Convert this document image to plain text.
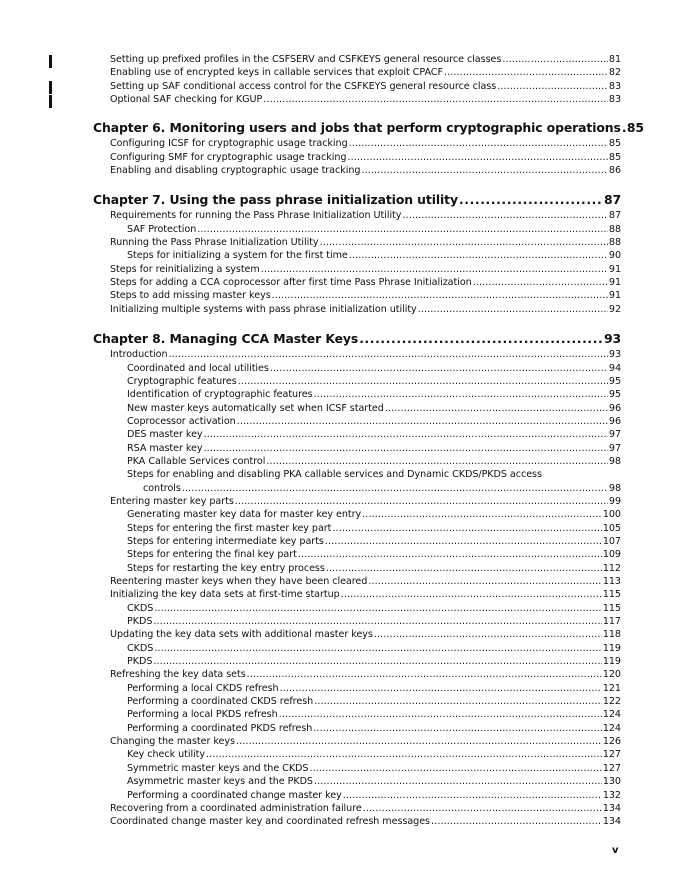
Setting up prefixed profiles in the CSFSERV and CSFKEYS general resource classes .....	81
Enabling use of encrypted keys in callable services that exploit CPACF .....	82
Setting up SAF conditional access control for the CSFKEYS general resource class .....	83
Optional SAF checking for KGUP .....	83
Chapter 6. Monitoring users and jobs that perform cryptographic operations ..... 85
Configuring ICSF for cryptographic usage tracking .....	85
Configuring SMF for cryptographic usage tracking .....	85
Enabling and disabling cryptographic usage tracking .....	86
Chapter 7. Using the pass phrase initialization utility .....	87
Requirements for running the Pass Phrase Initialization Utility .....	87
SAF Protection .....	88
Running the Pass Phrase Initialization Utility .....	88
Steps for initializing a system for the first time .....	90
Steps for reinitializing a system .....	91
Steps for adding a CCA coprocessor after first time Pass Phrase Initialization .....	91
Steps to add missing master keys .....	91
Initializing multiple systems with pass phrase initialization utility .....	92
Chapter 8. Managing CCA Master Keys .....	93
Introduction .....	93
Coordinated and local utilities .....	94
Cryptographic features .....	95
Identification of cryptographic features .....	95
New master keys automatically set when ICSF started .....	96
Coprocessor activation .....	96
DES master key .....	97
RSA master key .....	97
PKA Callable Services control .....	98
Steps for enabling and disabling PKA callable services and Dynamic CKDS/PKDS access
controls .....	98
Entering master key parts .....	99
Generating master key data for master key entry .....	100
Steps for entering the first master key part .....	105
Steps for entering intermediate key parts .....	107
Steps for entering the final key part .....	109
Steps for restarting the key entry process .....	112
Reentering master keys when they have been cleared .....	113
Initializing the key data sets at first-time startup .....	115
CKDS .....	115
PKDS .....	117
Updating the key data sets with additional master keys .....	118
CKDS .....	119
PKDS .....	119
Refreshing the key data sets .....	120
Performing a local CKDS refresh .....	121
Performing a coordinated CKDS refresh .....	122
Performing a local PKDS refresh .....	124
Performing a coordinated PKDS refresh .....	124
Changing the master keys .....	126
Key check utility .....	127
Symmetric master keys and the CKDS .....	127
Asymmetric master keys and the PKDS .....	130
Performing a coordinated change master key .....	132
Recovering from a coordinated administration failure .....	134
Coordinated change master key and coordinated refresh messages .....	134
v
